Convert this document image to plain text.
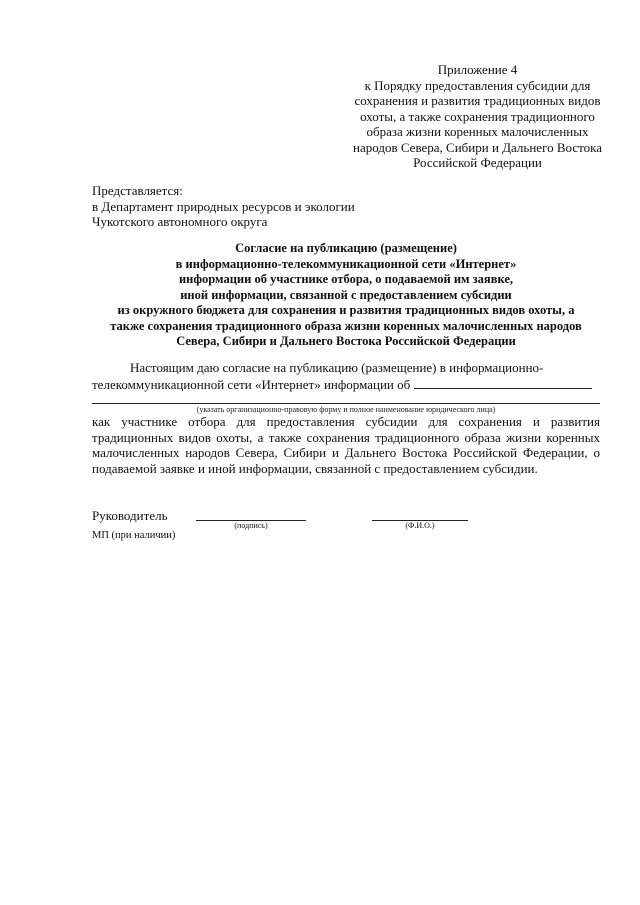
Приложение 4
к Порядку предоставления субсидии для
сохранения и развития традиционных видов
охоты, а также сохранения традиционного
образа жизни коренных малочисленных
народов Севера, Сибири и Дальнего Востока
Российской Федерации
Представляется:
в Департамент природных ресурсов и экологии
Чукотского автономного округа
Согласие на публикацию (размещение)
в информационно-телекоммуникационной сети «Интернет»
информации об участнике отбора, о подаваемой им заявке,
иной информации, связанной с предоставлением субсидии
из окружного бюджета для сохранения и развития традиционных видов охоты, а
также сохранения традиционного образа жизни коренных малочисленных народов
Севера, Сибири и Дальнего Востока Российской Федерации
Настоящим даю согласие на публикацию (размещение) в информационно-
телекоммуникационной сети «Интернет» информации об
(указать организационно-правовую форму и полное наименование юридического лица)
как участнике отбора для предоставления субсидии для сохранения и развития традиционных видов охоты, а также сохранения традиционного образа жизни коренных малочисленных народов Севера, Сибири и Дальнего Востока Российской Федерации, о подаваемой заявке и иной информации, связанной с предоставлением субсидии.
Руководитель
(подпись)	(Ф.И.О.)
МП (при наличии)
